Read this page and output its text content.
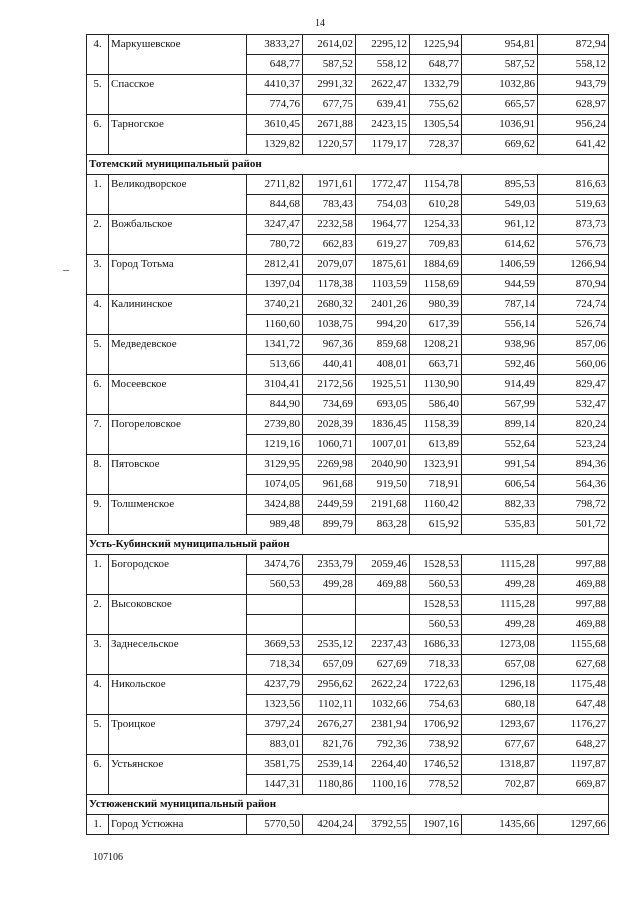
14
4.	Маркушевское	3833,27	2614,02	2295,12	1225,94	954,81	872,94
		648,77	587,52	558,12	648,77	587,52	558,12
5.	Спасское	4410,37	2991,32	2622,47	1332,79	1032,86	943,79
		774,76	677,75	639,41	755,62	665,57	628,97
6.	Тарногское	3610,45	2671,88	2423,15	1305,54	1036,91	956,24
		1329,82	1220,57	1179,17	728,37	669,62	641,42
Тотемский муниципальный район							
1.	Великодворское	2711,82	1971,61	1772,47	1154,78	895,53	816,63
		844,68	783,43	754,03	610,28	549,03	519,63
2.	Вожбальское	3247,47	2232,58	1964,77	1254,33	961,12	873,73
		780,72	662,83	619,27	709,83	614,62	576,73
3.	Город Тотьма	2812,41	2079,07	1875,61	1884,69	1406,59	1266,94
		1397,04	1178,38	1103,59	1158,69	944,59	870,94
4.	Калининское	3740,21	2680,32	2401,26	980,39	787,14	724,74
		1160,60	1038,75	994,20	617,39	556,14	526,74
5.	Медведевское	1341,72	967,36	859,68	1208,21	938,96	857,06
		513,66	440,41	408,01	663,71	592,46	560,06
6.	Мосеевское	3104,41	2172,56	1925,51	1130,90	914,49	829,47
		844,90	734,69	693,05	586,40	567,99	532,47
7.	Погореловское	2739,80	2028,39	1836,45	1158,39	899,14	820,24
		1219,16	1060,71	1007,01	613,89	552,64	523,24
8.	Пятовское	3129,95	2269,98	2040,90	1323,91	991,54	894,36
		1074,05	961,68	919,50	718,91	606,54	564,36
9.	Толшменское	3424,88	2449,59	2191,68	1160,42	882,33	798,72
		989,48	899,79	863,28	615,92	535,83	501,72
Усть-Кубинский муниципальный район							
1.	Богородское	3474,76	2353,79	2059,46	1528,53	1115,28	997,88
		560,53	499,28	469,88	560,53	499,28	469,88
2.	Высоковское				1528,53	1115,28	997,88
					560,53	499,28	469,88
3.	Заднесельское	3669,53	2535,12	2237,43	1686,33	1273,08	1155,68
		718,34	657,09	627,69	718,33	657,08	627,68
4.	Никольское	4237,79	2956,62	2622,24	1722,63	1296,18	1175,48
		1323,56	1102,11	1032,66	754,63	680,18	647,48
5.	Троицкое	3797,24	2676,27	2381,94	1706,92	1293,67	1176,27
		883,01	821,76	792,36	738,92	677,67	648,27
6.	Устьянское	3581,75	2539,14	2264,40	1746,52	1318,87	1197,87
		1447,31	1180,86	1100,16	778,52	702,87	669,87
Устюженский муниципальный район							
1.	Город Устюжна	5770,50	4204,24	3792,55	1907,16	1435,66	1297,66
107106
